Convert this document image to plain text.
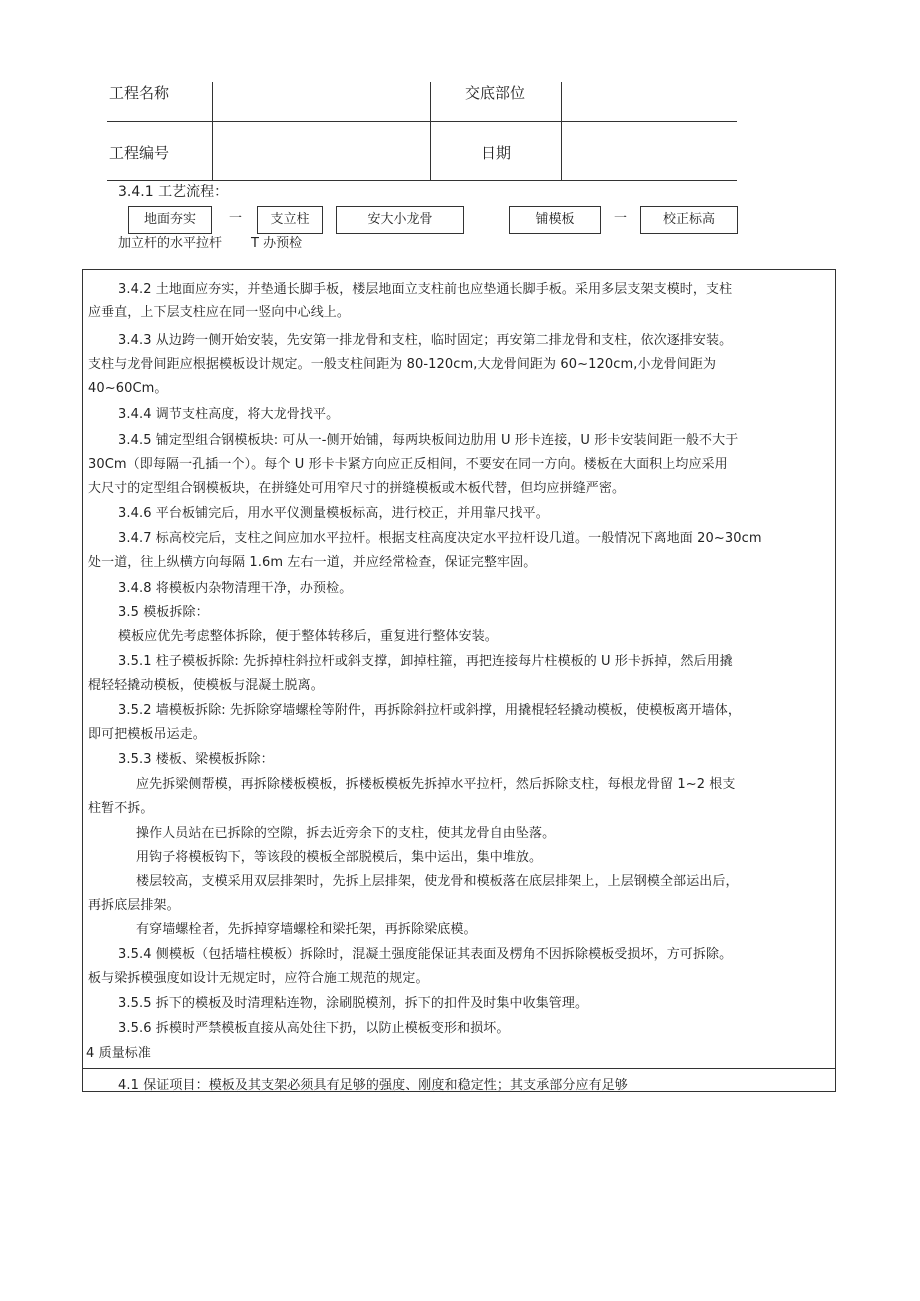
工程名称	交底部位
工程编号	日期
3.4.1 工艺流程：
地面夯实	一	支立柱	安大小龙骨	铺模板	一	校正标高
加立杆的水平拉杆 T 办预检
3.4.2 土地面应夯实，并垫通长脚手板，楼层地面立支柱前也应垫通长脚手板。采用多层支架支模时，支柱
应垂直，上下层支柱应在同一竖向中心线上。
3.4.3 从边跨一侧开始安装，先安第一排龙骨和支柱，临时固定；再安第二排龙骨和支柱，依次逐排安装。
支柱与龙骨间距应根据模板设计规定。一般支柱间距为 80-120cm,大龙骨间距为 60~120cm,小龙骨间距为
40~60Cm。
3.4.4 调节支柱高度，将大龙骨找平。
3.4.5 铺定型组合钢模板块: 可从一-侧开始铺，每两块板间边肋用 U 形卡连接，U 形卡安装间距一般不大于
30Cm（即每隔一孔插一个）。每个 U 形卡卡紧方向应正反相间，不要安在同一方向。楼板在大面积上均应采用
大尺寸的定型组合钢模板块，在拼缝处可用窄尺寸的拼缝模板或木板代替，但均应拼缝严密。
3.4.6 平台板铺完后，用水平仪测量模板标高，进行校正，并用靠尺找平。
3.4.7 标高校完后，支柱之间应加水平拉杆。根据支柱高度决定水平拉杆设几道。一般情况下离地面 20~30cm
处一道，往上纵横方向每隔 1.6m 左右一道，并应经常检查，保证完整牢固。
3.4.8 将模板内杂物清理干净，办预检。
3.5 模板拆除：
模板应优先考虑整体拆除，便于整体转移后，重复进行整体安装。
3.5.1 柱子模板拆除: 先拆掉柱斜拉杆或斜支撑，卸掉柱箍，再把连接每片柱模板的 U 形卡拆掉，然后用撬
棍轻轻撬动模板，使模板与混凝土脱离。
3.5.2 墙模板拆除: 先拆除穿墙螺栓等附件，再拆除斜拉杆或斜撑，用撬棍轻轻撬动模板，使模板离开墙体，
即可把模板吊运走。
3.5.3 楼板、梁模板拆除：
应先拆梁侧帮模，再拆除楼板模板，拆楼板模板先拆掉水平拉杆，然后拆除支柱，每根龙骨留 1~2 根支
柱暂不拆。
操作人员站在已拆除的空隙，拆去近旁余下的支柱，使其龙骨自由坠落。
用钩子将模板钩下，等该段的模板全部脱模后，集中运出，集中堆放。
楼层较高，支模采用双层排架时，先拆上层排架，使龙骨和模板落在底层排架上，上层钢模全部运出后，
再拆底层排架。
有穿墙螺栓者，先拆掉穿墙螺栓和梁托架，再拆除梁底模。
3.5.4 侧模板（包括墙柱模板）拆除时，混凝土强度能保证其表面及楞角不因拆除模板受损坏，方可拆除。
板与梁拆模强度如设计无规定时，应符合施工规范的规定。
3.5.5 拆下的模板及时清理粘连物，涂刷脱模剂，拆下的扣件及时集中收集管理。
3.5.6 拆模时严禁模板直接从高处往下扔，以防止模板变形和损坏。
4 质量标准
4.1 保证项目：模板及其支架必须具有足够的强度、刚度和稳定性；其支承部分应有足够
